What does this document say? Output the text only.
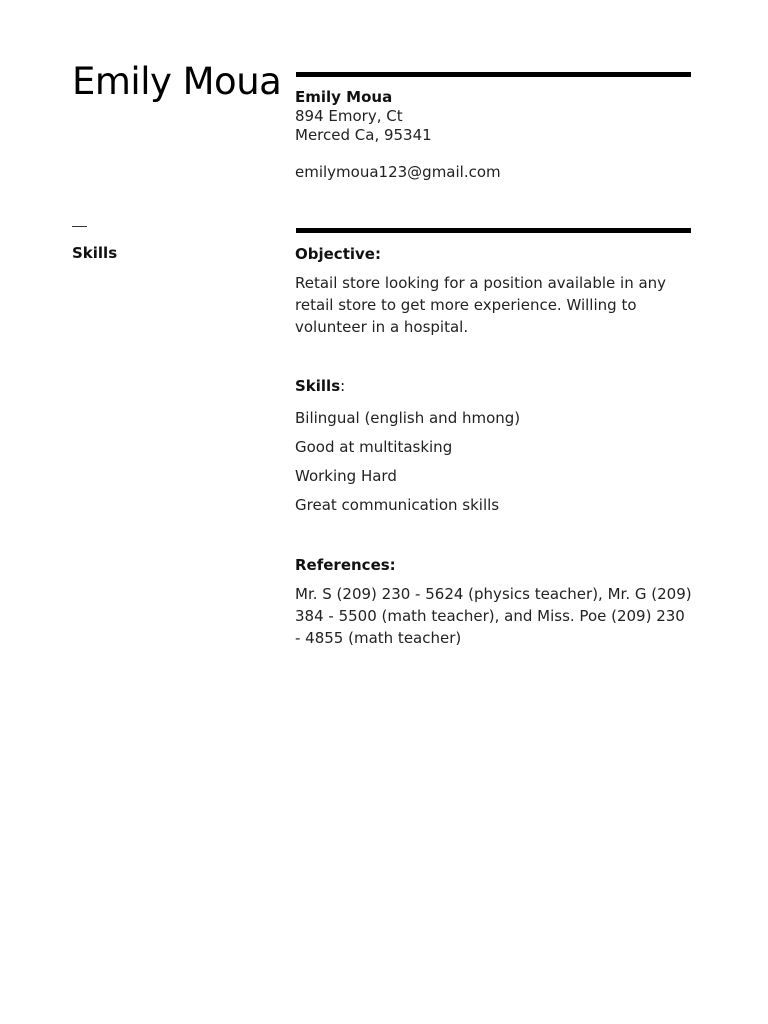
Emily Moua Emily Moua
894 Emory, Ct
Merced Ca, 95341
emilymoua123@gmail.com
Skills	Objective:

Retail store looking for a position available in any retail store to get more experience. Willing to volunteer in a hospital.

Skills:
Bilingual (english and hmong)
Good at multitasking
Working Hard
Great communication skills
References:

Mr. S (209) 230 - 5624 (physics teacher), Mr. G (209) 384 - 5500 (math teacher), and Miss. Poe (209) 230 - 4855 (math teacher)
